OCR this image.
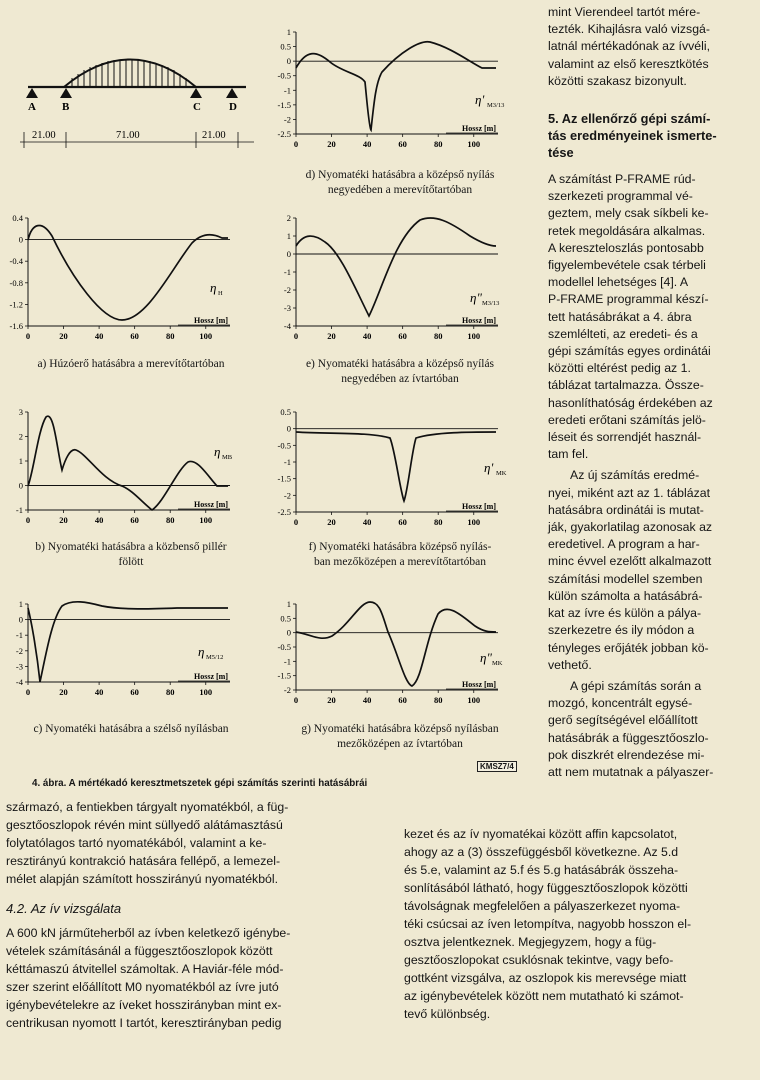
A B	C	D
21.00	71.00	21.00
1
0.5
0
-0.5
-1
-1.5
-2
-2.5
0	20	40	60	80	100
Hossz [m]
η' M3/13
0.4
0
-0.4
-0.8
-1.2
-1.6
0	20	40	60	80	100
Hossz [m]
η H
2
1
0
-1
-2
-3
-4
0	20	40	60	80	100
Hossz [m]
η" M3/13
3
2
1
0
-1
0	20	40	60	80	100
Hossz [m]
η MB
0.5
0
-0.5
-1
-1.5
-2
-2.5
0	20	40	60	80	100
Hossz [m]
η' MK
1
0
-1
-2
-3
-4
0	20	40	60	80	100
Hossz [m]
η M5/12
1
0.5
0
-0.5
-1
-1.5
-2
0	20	40	60	80	100
Hossz [m]
η" MK
d) Nyomatéki hatásábra a középső nyílás
negyedében a merevítőtartóban
a) Húzóerő hatásábra a merevítőtartóban	e) Nyomatéki hatásábra a középső nyílás
negyedében az ívtartóban
b) Nyomatéki hatásábra a közbenső pillér
fölött
f) Nyomatéki hatásábra középső nyílás-
ban mezőközépen a merevítőtartóban
c) Nyomatéki hatásábra a szélső nyílásban	g) Nyomatéki hatásábra középső nyílásban
mezőközépen az ívtartóban
KMSZ7/4
4. ábra. A mértékadó keresztmetszetek gépi számítás szerinti hatásábrái

mint Vierendeel tartót mére-
tezték. Kihajlásra való vizsgá-
latnál mértékadónak az ívvéli,
valamint az első keresztkötés
közötti szakasz bizonyult.

5. Az ellenőrző gépi számí-
tás eredményeinek ismerte-
tése

A számítást P-FRAME rúd-
szerkezeti programmal vé-
geztem, mely csak síkbeli ke-
retek megoldására alkalmas.
A kereszteloszlás pontosabb
figyelembevétele csak térbeli
modellel lehetséges [4]. A
P-FRAME programmal készí-
tett hatásábrákat a 4. ábra
szemlélteti, az eredeti- és a
gépi számítás egyes ordinátái
közötti eltérést pedig az 1.
táblázat tartalmazza. Össze-
hasonlíthatóság érdekében az
eredeti erőtani számítás jelö-
léseit és sorrendjét használ-
tam fel.

Az új számítás eredmé-
nyei, miként azt az 1. táblázat
hatásábra ordinátái is mutat-
ják, gyakorlatilag azonosak az
eredetivel. A program a har-
minc évvel ezelőtt alkalmazott
számítási modellel szemben
külön számolta a hatásábrá-
kat az ívre és külön a pálya-
szerkezetre és ily módon a
tényleges erőjáték jobban kö-
vethető.

A gépi számítás során a
mozgó, koncentrált egysé-
gerő segítségével előállított
hatásábrák a függesztőoszlo-
pok diszkrét elrendezése mi-
att nem mutatnak a pályaszer-

származó, a fentiekben tárgyalt nyomatékból, a füg-
gesztőoszlopok révén mint süllyedő alátámasztású
folytatólagos tartó nyomatékából, valamint a ke-
resztirányú kontrakció hatására fellépő, a lemezel-
mélet alapján számított hosszirányú nyomatékból.

4.2. Az ív vizsgálata

A 600 kN járműteherből az ívben keletkező igénybe-
vételek számításánál a függesztőoszlopok között
kéttámaszú átvitellel számoltak. A Haviár-féle mód-
szer szerint előállított M0 nyomatékból az ívre jutó
igénybevételekre az íveket hosszirányban mint ex-
centrikusan nyomott I tartót, keresztirányban pedig

kezet és az ív nyomatékai között affin kapcsolatot,
ahogy az a (3) összefüggésből következne. Az 5.d
és 5.e, valamint az 5.f és 5.g hatásábrák összeha-
sonlításából látható, hogy függesztőoszlopok közötti
távolságnak megfelelően a pályaszerkezet nyoma-
téki csúcsai az íven letompítva, nagyobb hosszon el-
osztva jelentkeznek. Megjegyzem, hogy a füg-
gesztőoszlopokat csuklósnak tekintve, vagy befo-
gottként vizsgálva, az oszlopok kis merevsége miatt
az igénybevételek között nem mutatható ki számot-
tevő különbség.
